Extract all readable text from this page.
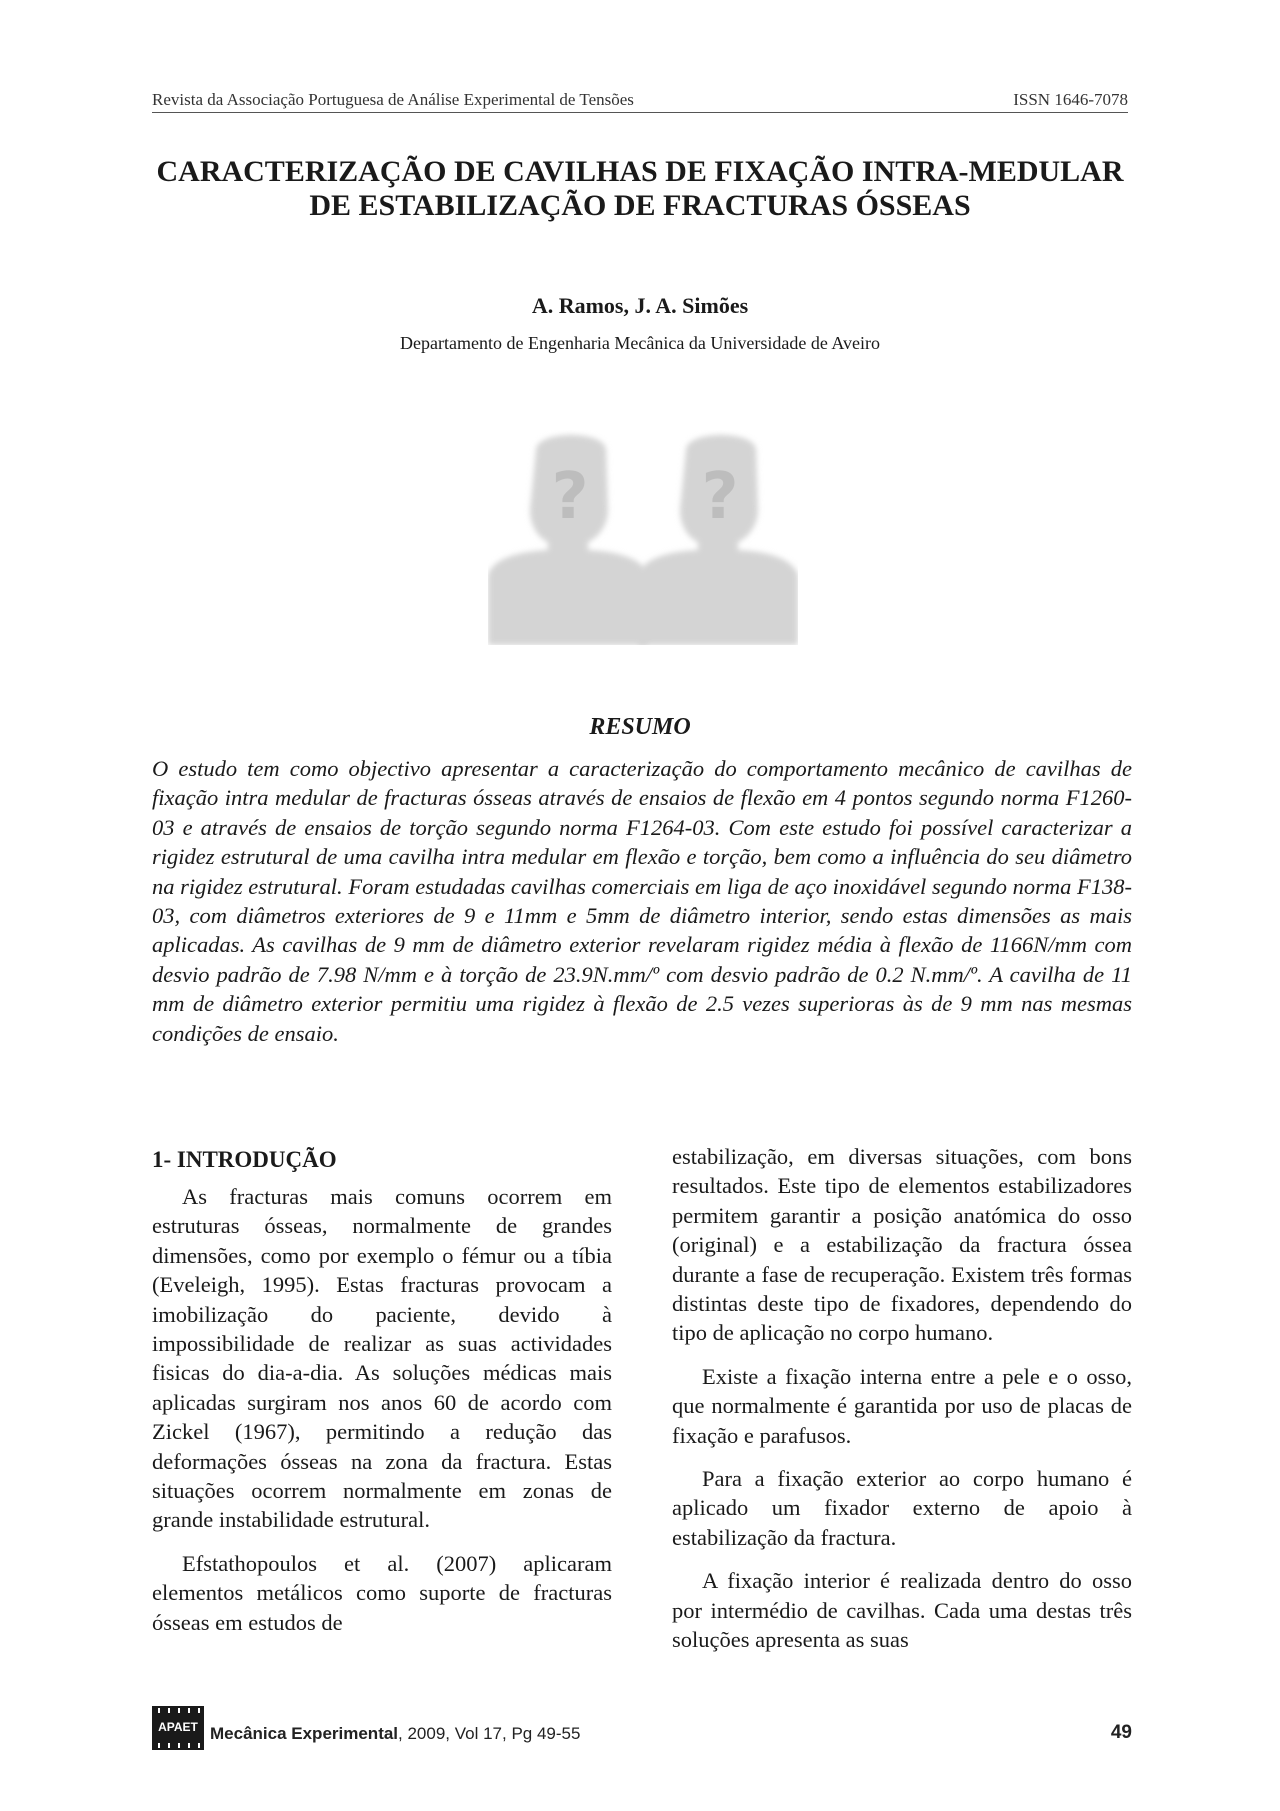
Revista da Associação Portuguesa de Análise Experimental de Tensões	ISSN 1646-7078
CARACTERIZAÇÃO DE CAVILHAS DE FIXAÇÃO INTRA-MEDULAR
DE ESTABILIZAÇÃO DE FRACTURAS ÓSSEAS
A. Ramos, J. A. Simões
Departamento de Engenharia Mecânica da Universidade de Aveiro
? ?
RESUMO
O estudo tem como objectivo apresentar a caracterização do comportamento mecânico de cavilhas de fixação intra medular de fracturas ósseas através de ensaios de flexão em 4 pontos segundo norma F1260-03 e através de ensaios de torção segundo norma F1264-03. Com este estudo foi possível caracterizar a rigidez estrutural de uma cavilha intra medular em flexão e torção, bem como a influência do seu diâmetro na rigidez estrutural. Foram estudadas cavilhas comerciais em liga de aço inoxidável segundo norma F138-03, com diâmetros exteriores de 9 e 11mm e 5mm de diâmetro interior, sendo estas dimensões as mais aplicadas. As cavilhas de 9 mm de diâmetro exterior revelaram rigidez média à flexão de 1166N/mm com desvio padrão de 7.98 N/mm e à torção de 23.9N.mm/º com desvio padrão de 0.2 N.mm/º. A cavilha de 11 mm de diâmetro exterior permitiu uma rigidez à flexão de 2.5 vezes superioras às de 9 mm nas mesmas condições de ensaio.
1- INTRODUÇÃO

As fracturas mais comuns ocorrem em estruturas ósseas, normalmente de grandes dimensões, como por exemplo o fémur ou a tíbia (Eveleigh, 1995). Estas fracturas provocam a imobilização do paciente, devido à impossibilidade de realizar as suas actividades fisicas do dia-a-dia. As soluções médicas mais aplicadas surgiram nos anos 60 de acordo com Zickel (1967), permitindo a redução das deformações ósseas na zona da fractura. Estas situações ocorrem normalmente em zonas de grande instabilidade estrutural.

Efstathopoulos et al. (2007) aplicaram elementos metálicos como suporte de fracturas ósseas em estudos de

estabilização, em diversas situações, com bons resultados. Este tipo de elementos estabilizadores permitem garantir a posição anatómica do osso (original) e a estabilização da fractura óssea durante a fase de recuperação. Existem três formas distintas deste tipo de fixadores, dependendo do tipo de aplicação no corpo humano.

Existe a fixação interna entre a pele e o osso, que normalmente é garantida por uso de placas de fixação e parafusos.

Para a fixação exterior ao corpo humano é aplicado um fixador externo de apoio à estabilização da fractura.

A fixação interior é realizada dentro do osso por intermédio de cavilhas. Cada uma destas três soluções apresenta as suas

APAET Mecânica Experimental, 2009, Vol 17, Pg 49-55	49
